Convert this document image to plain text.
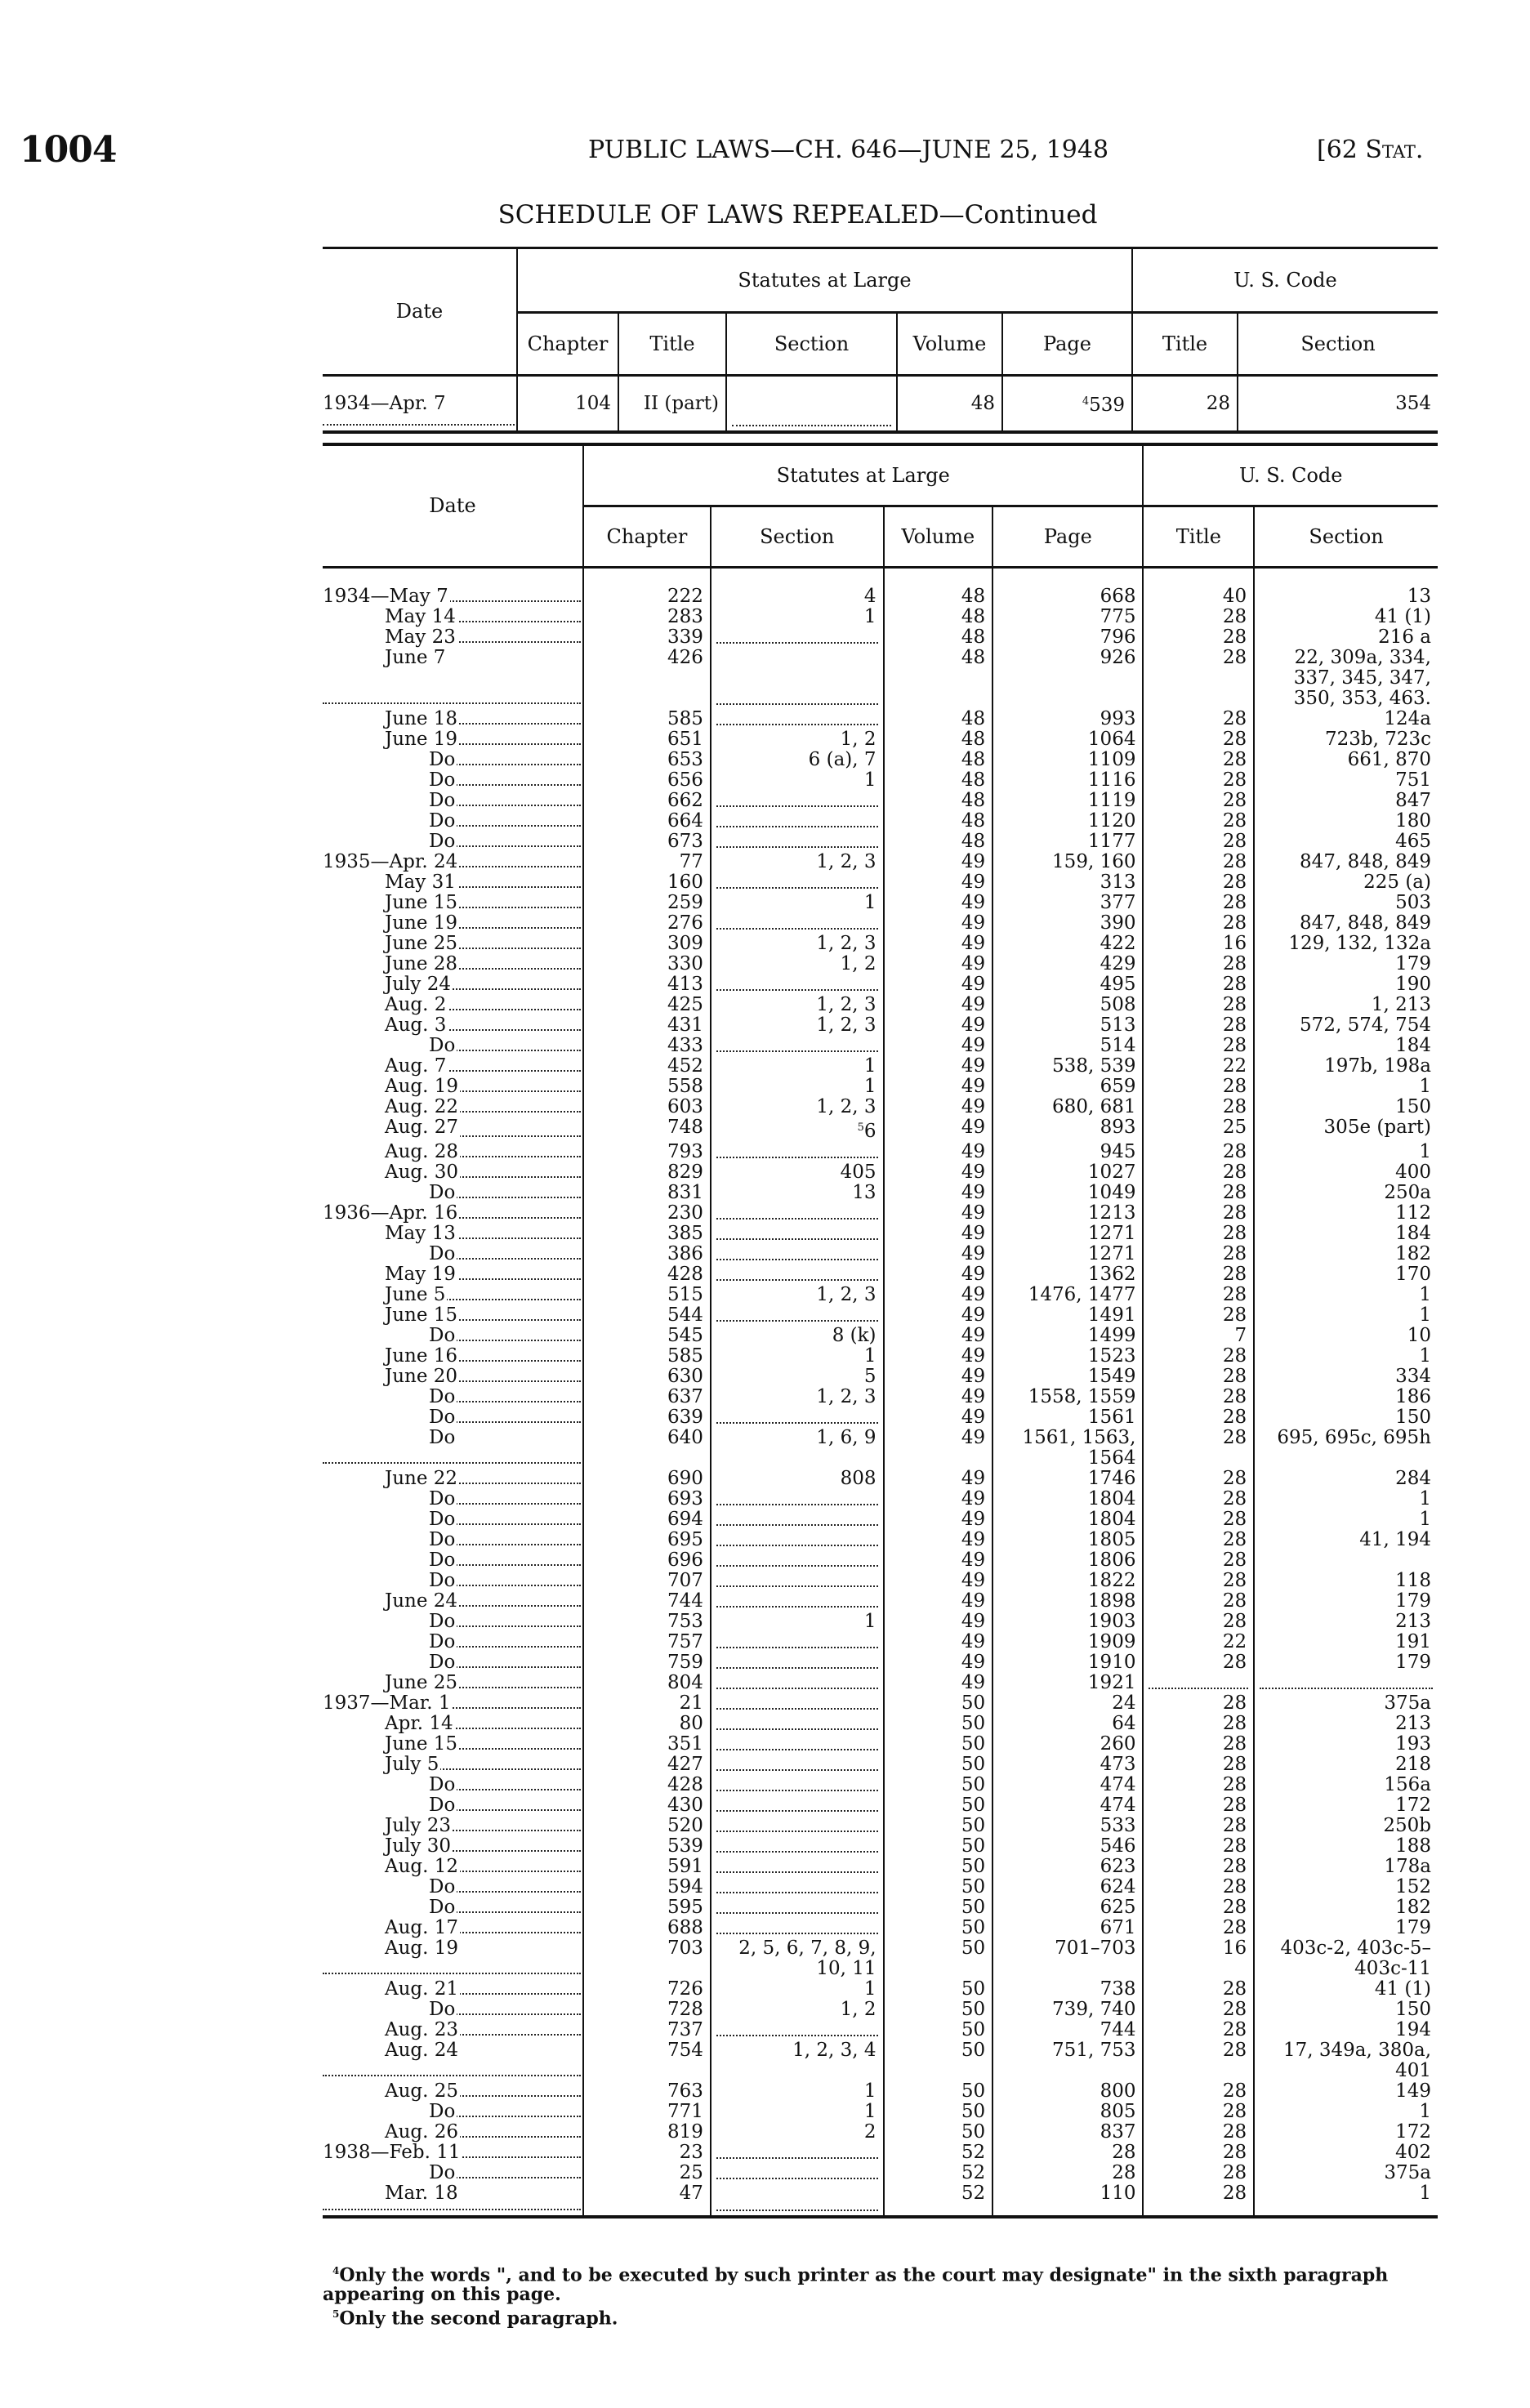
1004	PUBLIC LAWS—CH. 646—JUNE 25, 1948	[62 Stat.
SCHEDULE OF LAWS REPEALED—Continued
Date	Statutes at Large					U. S. Code	
	Chapter	Title	Section	Volume	Page	Title	Section

1934—Apr. 7	104	II (part)		48	$^4$539	28	354
Date	Statutes at Large				U. S. Code	
	Chapter	Section	Volume	Page	Title	Section

1934—May 7	222	4	48	668	40	13

May 14	283	1	48	775	28	41 (1)

May 23	339		48	796	28	216 a

June 7	426		48	926	28	22, 309a, 334, 337, 345, 347, 350, 353, 463.

June 18	585		48	993	28	124a

June 19	651	1, 2	48	1064	28	723b, 723c

Do	653	6 (a), 7	48	1109	28	661, 870

Do	656	1	48	1116	28	751

Do	662		48	1119	28	847

Do	664		48	1120	28	180

Do	673		48	1177	28	465

1935—Apr. 24	77	1, 2, 3	49	159, 160	28	847, 848, 849

May 31	160		49	313	28	225 (a)

June 15	259	1	49	377	28	503

June 19	276		49	390	28	847, 848, 849

June 25	309	1, 2, 3	49	422	16	129, 132, 132a

June 28	330	1, 2	49	429	28	179

July 24	413		49	495	28	190

Aug. 2	425	1, 2, 3	49	508	28	1, 213

Aug. 3	431	1, 2, 3	49	513	28	572, 574, 754

Do	433		49	514	28	184

Aug. 7	452	1	49	538, 539	22	197b, 198a

Aug. 19	558	1	49	659	28	1

Aug. 22	603	1, 2, 3	49	680, 681	28	150

Aug. 27	748	$^5$6	49	893	25	305e (part)

Aug. 28	793		49	945	28	1

Aug. 30	829	405	49	1027	28	400

Do	831	13	49	1049	28	250a

1936—Apr. 16	230		49	1213	28	112

May 13	385		49	1271	28	184

Do	386		49	1271	28	182

May 19	428		49	1362	28	170

June 5	515	1, 2, 3	49	1476, 1477	28	1

June 15	544		49	1491	28	1

Do	545	8 (k)	49	1499	7	10

June 16	585	1	49	1523	28	1

June 20	630	5	49	1549	28	334

Do	637	1, 2, 3	49	1558, 1559	28	186

Do	639		49	1561	28	150

Do	640	1, 6, 9	49	1561, 1563, 1564	28	695, 695c, 695h

June 22	690	808	49	1746	28	284

Do	693		49	1804	28	1

Do	694		49	1804	28	1

Do	695		49	1805	28	41, 194

Do	696		49	1806	28	

Do	707		49	1822	28	118

June 24	744		49	1898	28	179

Do	753	1	49	1903	28	213

Do	757		49	1909	22	191

Do	759		49	1910	28	179

June 25	804		49	1921	

1937—Mar. 1	21		50	24	28	375a

Apr. 14	80		50	64	28	213

June 15	351		50	260	28	193

July 5	427		50	473	28	218

Do	428		50	474	28	156a

Do	430		50	474	28	172

July 23	520		50	533	28	250b

July 30	539		50	546	28	188

Aug. 12	591		50	623	28	178a

Do	594		50	624	28	152

Do	595		50	625	28	182

Aug. 17	688		50	671	28	179

Aug. 19	703	2, 5, 6, 7, 8, 9, 10, 11	50	701–703	16	403c-2, 403c-5–403c-11

Aug. 21	726	1	50	738	28	41 (1)

Do	728	1, 2	50	739, 740	28	150

Aug. 23	737		50	744	28	194

Aug. 24	754	1, 2, 3, 4	50	751, 753	28	17, 349a, 380a, 401

Aug. 25	763	1	50	800	28	149

Do	771	1	50	805	28	1

Aug. 26	819	2	50	837	28	172

1938—Feb. 11	23		52	28	28	402

Do	25		52	28	28	375a

Mar. 18	47		52	110	28	1

$^4$Only the words ", and to be executed by such printer as the court may designate" in the sixth paragraph appearing on this page.

$^5$Only the second paragraph.
